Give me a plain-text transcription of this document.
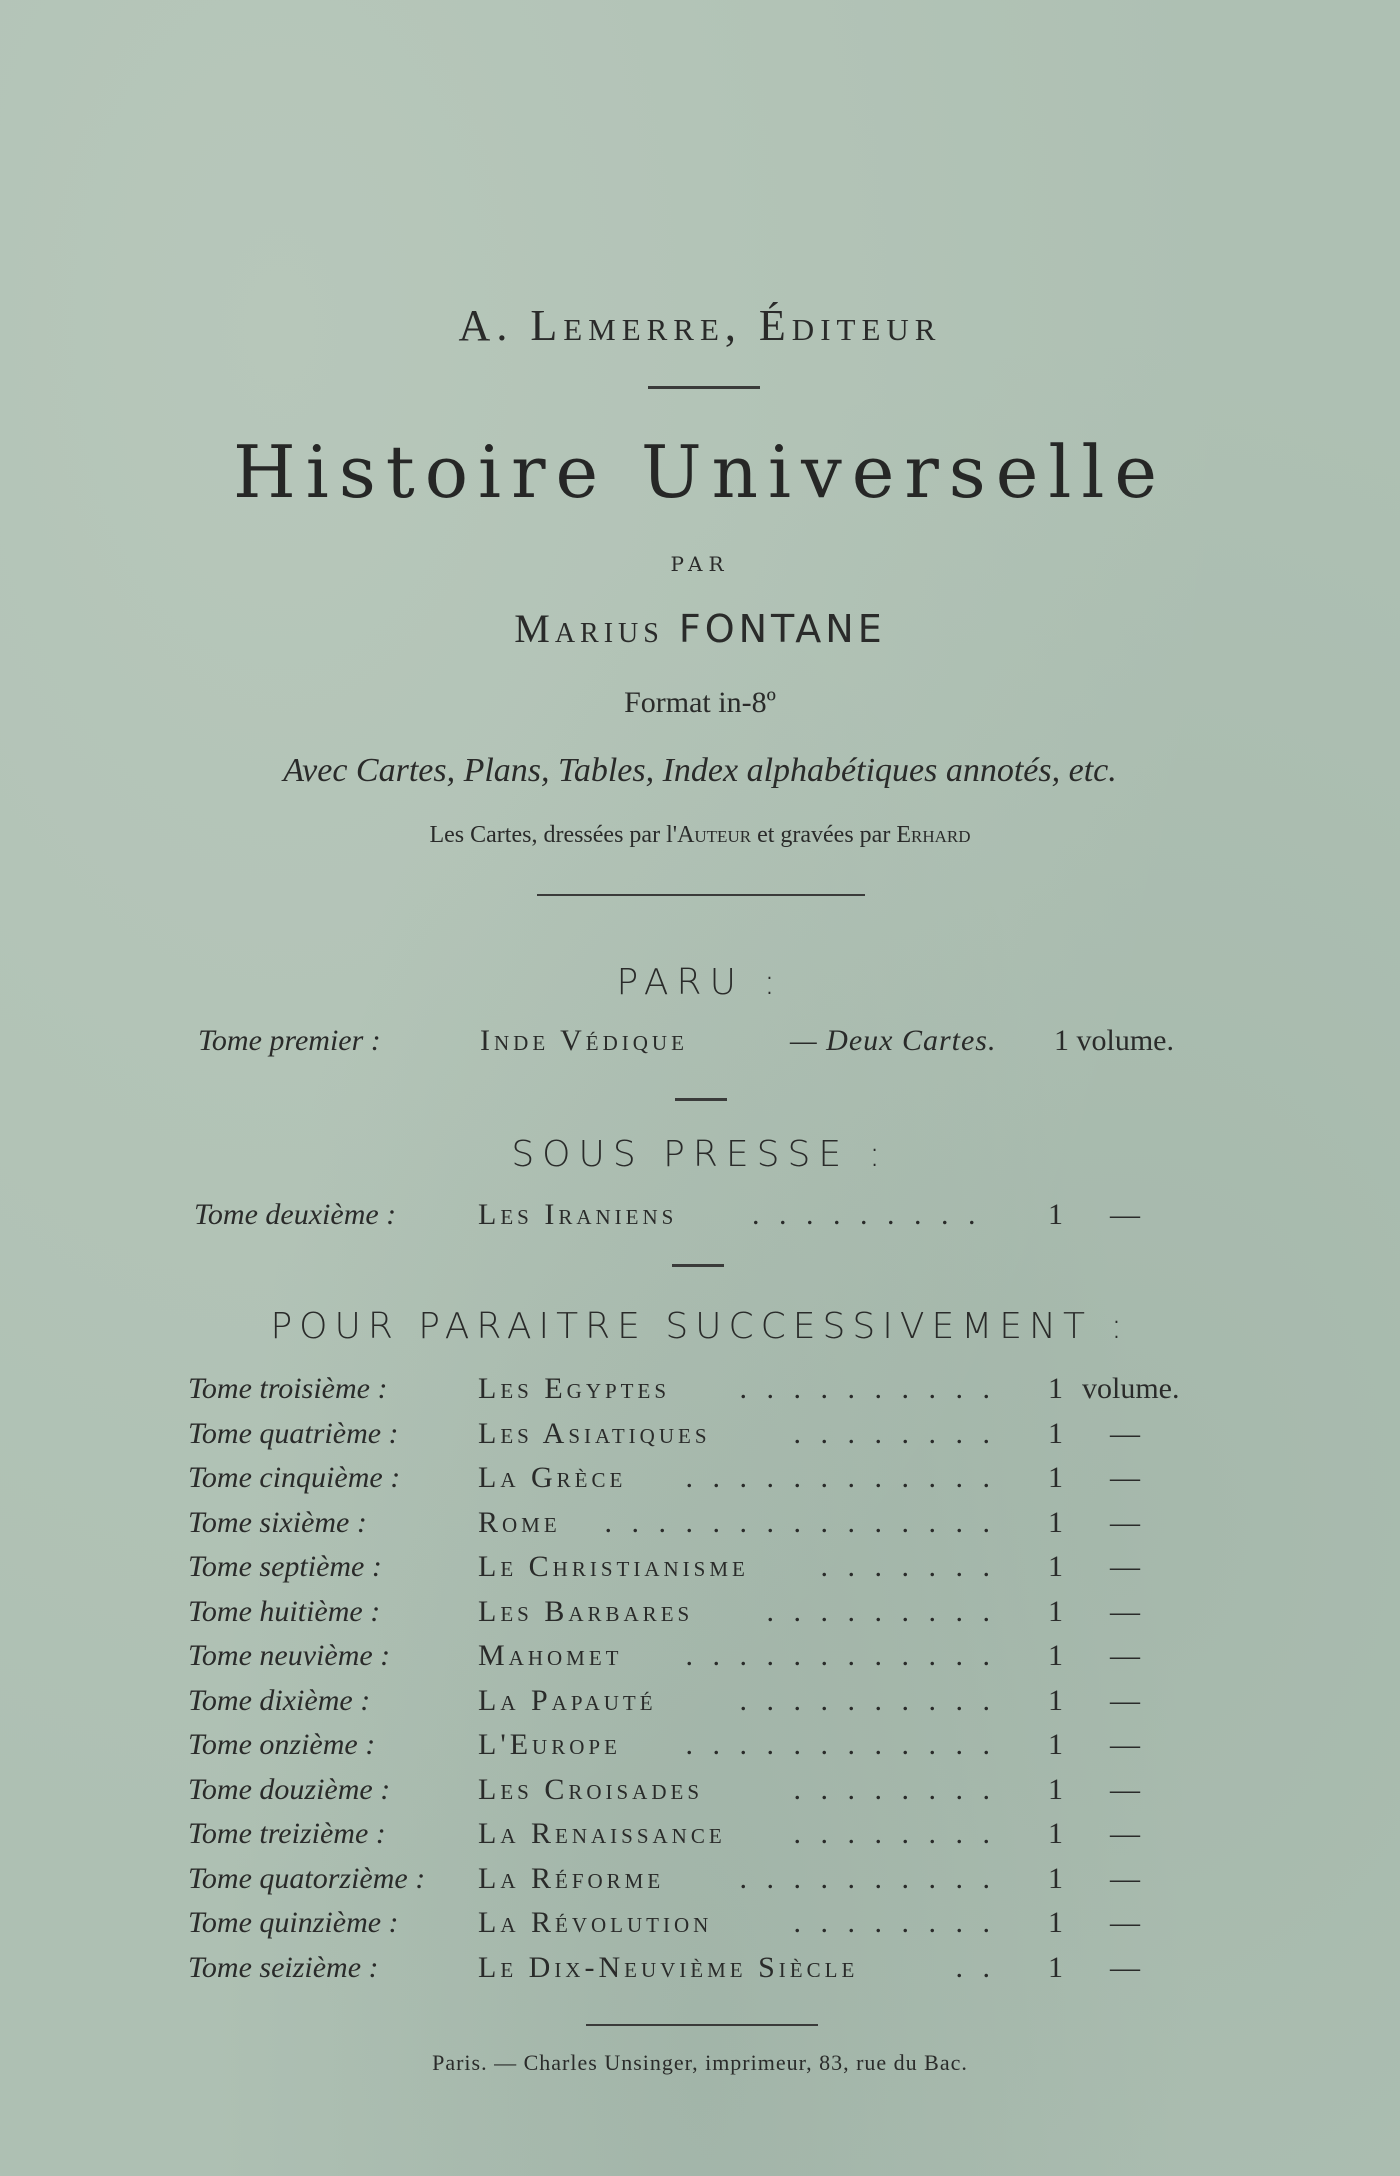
A. Lemerre, Éditeur
Histoire Universelle
PAR
Marius FONTANE
Format in-8º
Avec Cartes, Plans, Tables, Index alphabétiques annotés, etc.
Les Cartes, dressées par l'Auteur et gravées par Erhard
PARU :
Tome premier :	Inde Védique	— Deux Cartes. 1 volume.
SOUS PRESSE :
Tome deuxième :	Les Iraniens . . . . . . . . . 1 —
POUR PARAITRE SUCCESSIVEMENT :
Tome troisième :	Les Egyptes . . . . . . . . . . 1 volume.
Tome quatrième :	Les Asiatiques	. . . . . . . . 1 —
Tome cinquième :	La Grèce . . . . . . . . . . . . 1 —
Tome sixième :	Rome . . . . . . . . . . . . . . . 1 —
Tome septième :	Le Christianisme . . . . . . . 1 —
Tome huitième :	Les Barbares . . . . . . . . . 1 —
Tome neuvième :	Mahomet . . . . . . . . . . . . 1 —
Tome dixième :	La Papauté	. . . . . . . . . . 1 —
Tome onzième :	L'Europe . . . . . . . . . . . . 1 —
Tome douzième :	Les Croisades	. . . . . . . . 1 —
Tome treizième :	La Renaissance . . . . . . . . 1 —
Tome quatorzième : La Réforme	. . . . . . . . . . 1 —
Tome quinzième :	La Révolution	. . . . . . . . 1 —
Tome seizième :	Le Dix-Neuvième Siècle	. . 1 —
Paris. — Charles Unsinger, imprimeur, 83, rue du Bac.
